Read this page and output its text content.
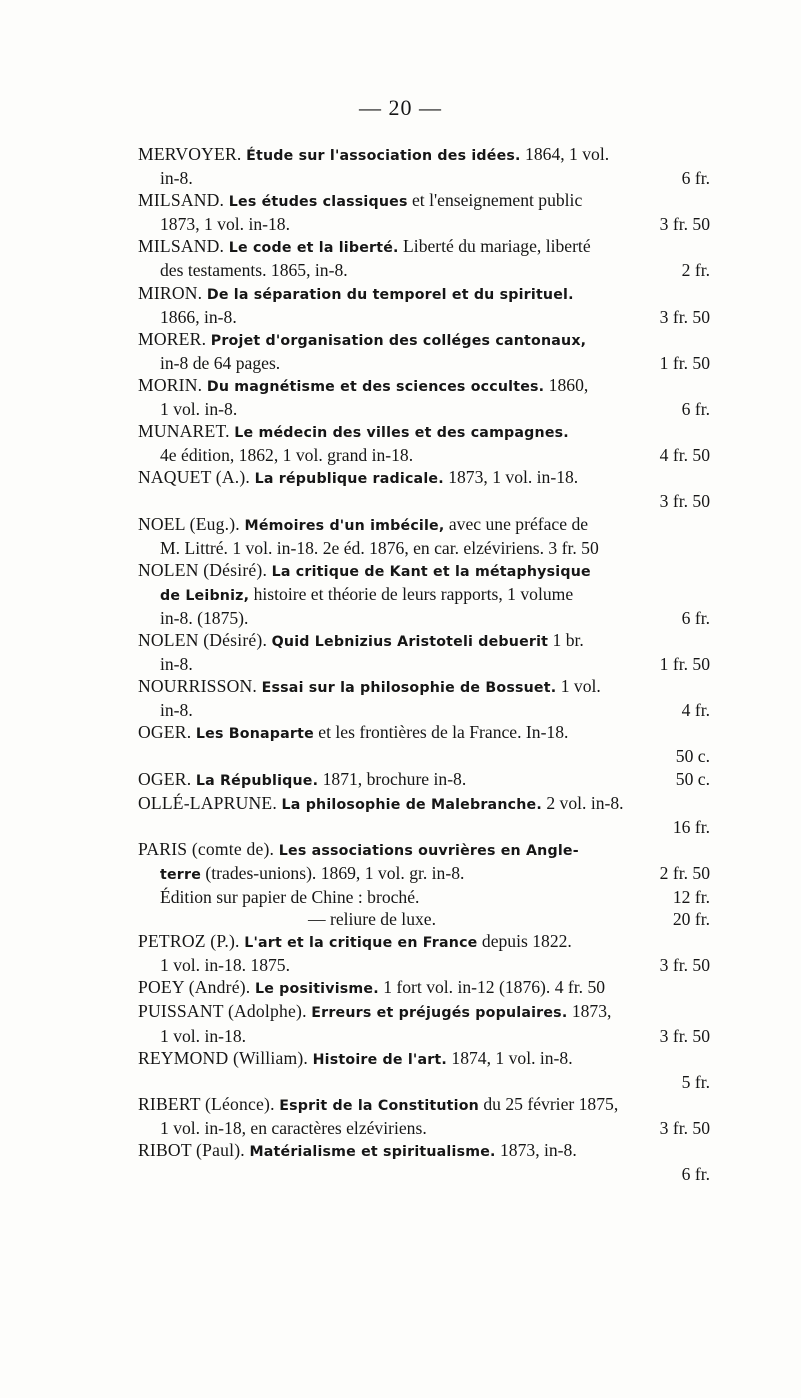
— 20 —

MERVOYER. Étude sur l'association des idées. 1864, 1 vol.

in-8.	6 fr.

MILSAND. Les études classiques et l'enseignement public

1873, 1 vol. in-18.	3 fr. 50

MILSAND. Le code et la liberté. Liberté du mariage, liberté

des testaments. 1865, in-8.	2 fr.

MIRON. De la séparation du temporel et du spirituel.

1866, in-8.	3 fr. 50

MORER. Projet d'organisation des colléges cantonaux,

in-8 de 64 pages.	1 fr. 50

MORIN. Du magnétisme et des sciences occultes. 1860,

1 vol. in-8.	6 fr.

MUNARET. Le médecin des villes et des campagnes.

4e édition, 1862, 1 vol. grand in-18.	4 fr. 50

NAQUET (A.). La république radicale. 1873, 1 vol. in-18.

3 fr. 50

NOEL (Eug.). Mémoires d'un imbécile, avec une préface de

M. Littré. 1 vol. in-18. 2e éd. 1876, en car. elzéviriens. 3 fr. 50

NOLEN (Désiré). La critique de Kant et la métaphysique

de Leibniz, histoire et théorie de leurs rapports, 1 volume

in-8. (1875).	6 fr.

NOLEN (Désiré). Quid Lebnizius Aristoteli debuerit 1 br.

in-8.	1 fr. 50

NOURRISSON. Essai sur la philosophie de Bossuet. 1 vol.

in-8.	4 fr.

OGER. Les Bonaparte et les frontières de la France. In-18.

50 c.

OGER. La République. 1871, brochure in-8.	50 c.

OLLÉ-LAPRUNE. La philosophie de Malebranche. 2 vol. in-8.

16 fr.

PARIS (comte de). Les associations ouvrières en Angle-

terre (trades-unions). 1869, 1 vol. gr. in-8.	2 fr. 50

Édition sur papier de Chine : broché.	12 fr.

— reliure de luxe.	20 fr.

PETROZ (P.). L'art et la critique en France depuis 1822.

1 vol. in-18. 1875.	3 fr. 50

POEY (André). Le positivisme. 1 fort vol. in-12 (1876). 4 fr. 50

PUISSANT (Adolphe). Erreurs et préjugés populaires. 1873,

1 vol. in-18.	3 fr. 50

REYMOND (William). Histoire de l'art. 1874, 1 vol. in-8.

5 fr.

RIBERT (Léonce). Esprit de la Constitution du 25 février 1875,

1 vol. in-18, en caractères elzéviriens.	3 fr. 50

RIBOT (Paul). Matérialisme et spiritualisme. 1873, in-8.

6 fr.
